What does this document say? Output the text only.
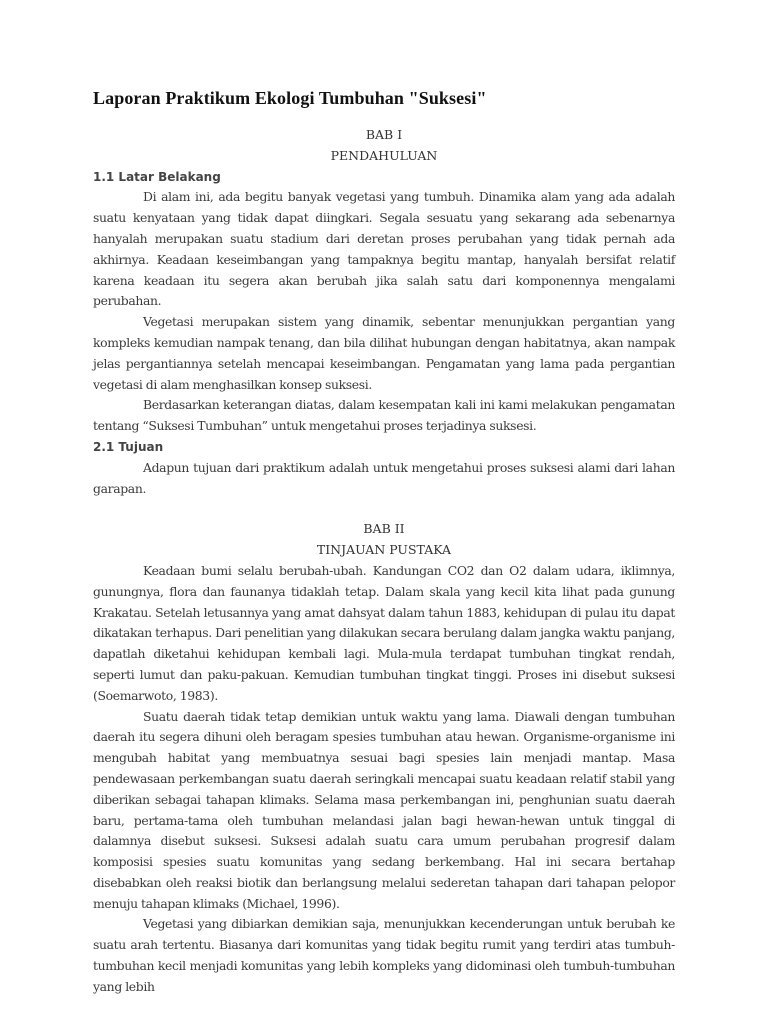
Laporan Praktikum Ekologi Tumbuhan "Suksesi"
BAB I
PENDAHULUAN
1.1 Latar Belakang

Di alam ini, ada begitu banyak vegetasi yang tumbuh. Dinamika alam yang ada adalah suatu kenyataan yang tidak dapat diingkari. Segala sesuatu yang sekarang ada sebenarnya hanyalah merupakan suatu stadium dari deretan proses perubahan yang tidak pernah ada akhirnya. Keadaan keseimbangan yang tampaknya begitu mantap, hanyalah bersifat relatif karena keadaan itu segera akan berubah jika salah satu dari komponennya mengalami perubahan.

Vegetasi merupakan sistem yang dinamik, sebentar menunjukkan pergantian yang kompleks kemudian nampak tenang, dan bila dilihat hubungan dengan habitatnya, akan nampak jelas pergantiannya setelah mencapai keseimbangan. Pengamatan yang lama pada pergantian vegetasi di alam menghasilkan konsep suksesi.

Berdasarkan keterangan diatas, dalam kesempatan kali ini kami melakukan pengamatan tentang “Suksesi Tumbuhan” untuk mengetahui proses terjadinya suksesi.

2.1 Tujuan

Adapun tujuan dari praktikum adalah untuk mengetahui proses suksesi alami dari lahan garapan.

BAB II
TINJAUAN PUSTAKA

Keadaan bumi selalu berubah-ubah. Kandungan CO2 dan O2 dalam udara, iklimnya, gunungnya, flora dan faunanya tidaklah tetap. Dalam skala yang kecil kita lihat pada gunung Krakatau. Setelah letusannya yang amat dahsyat dalam tahun 1883, kehidupan di pulau itu dapat dikatakan terhapus. Dari penelitian yang dilakukan secara berulang dalam jangka waktu panjang, dapatlah diketahui kehidupan kembali lagi. Mula-mula terdapat tumbuhan tingkat rendah, seperti lumut dan paku-pakuan. Kemudian tumbuhan tingkat tinggi. Proses ini disebut suksesi (Soemarwoto, 1983).

Suatu daerah tidak tetap demikian untuk waktu yang lama. Diawali dengan tumbuhan daerah itu segera dihuni oleh beragam spesies tumbuhan atau hewan. Organisme-organisme ini mengubah habitat yang membuatnya sesuai bagi spesies lain menjadi mantap. Masa pendewasaan perkembangan suatu daerah seringkali mencapai suatu keadaan relatif stabil yang diberikan sebagai tahapan klimaks. Selama masa perkembangan ini, penghunian suatu daerah baru, pertama-tama oleh tumbuhan melandasi jalan bagi hewan-hewan untuk tinggal di dalamnya disebut suksesi. Suksesi adalah suatu cara umum perubahan progresif dalam komposisi spesies suatu komunitas yang sedang berkembang. Hal ini secara bertahap disebabkan oleh reaksi biotik dan berlangsung melalui sederetan tahapan dari tahapan pelopor menuju tahapan klimaks (Michael, 1996).

Vegetasi yang dibiarkan demikian saja, menunjukkan kecenderungan untuk berubah ke suatu arah tertentu. Biasanya dari komunitas yang tidak begitu rumit yang terdiri atas tumbuh-tumbuhan kecil menjadi komunitas yang lebih kompleks yang didominasi oleh tumbuh-tumbuhan yang lebih
